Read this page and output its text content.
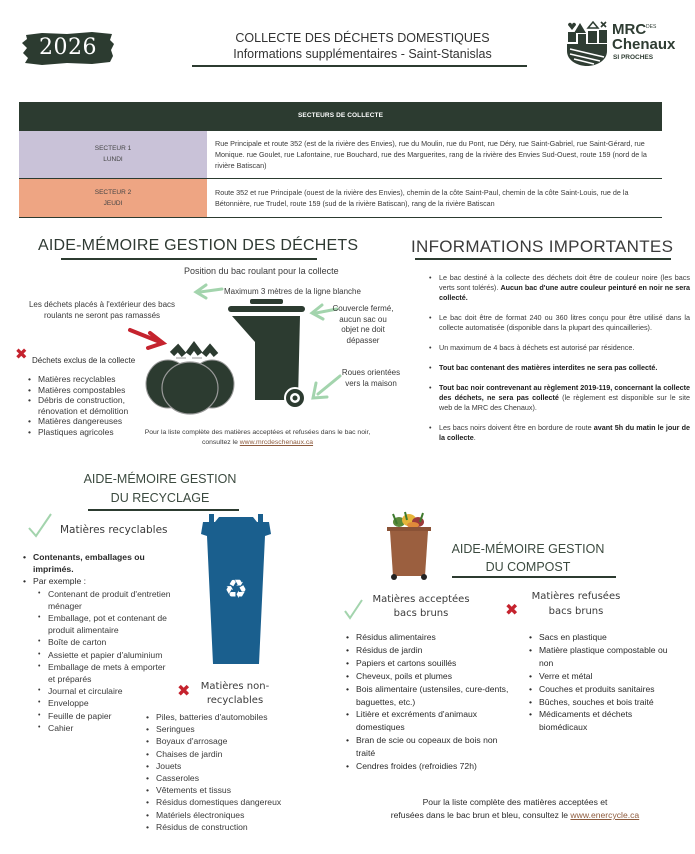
2026	COLLECTE DES DÉCHETS DOMESTIQUES
Informations supplémentaires - Saint-Stanislas
MRC DES
Chenaux
SI PROCHES
SECTEURS DE COLLECTE	

SECTEUR 1
LUNDI	Rue Principale et route 352 (est de la rivière des Envies), rue du Moulin, rue du Pont, rue Déry, rue Saint-Gabriel, rue Saint-Gérard, rue Monique. rue Goulet, rue Lafontaine, rue Bouchard, rue des Marguerites, rang de la rivière des Envies Sud-Ouest, route 159 (nord de la rivière Batiscan)

SECTEUR 2
JEUDI	Route 352 et rue Principale (ouest de la rivière des Envies), chemin de la côte Saint-Paul, chemin de la côte Saint-Louis, rue de la Bétonnière, rue Trudel, route 159 (sud de la rivière Batiscan), rang de la rivière Batiscan
AIDE-MÉMOIRE GESTION DES DÉCHETS	INFORMATIONS IMPORTANTES
Position du bac roulant pour la collecte
Maximum 3 mètres de la ligne blanche
Les déchets placés à l'extérieur des bacs roulants ne seront pas ramassés
Couvercle fermé, aucun sac ou objet ne doit dépasser
Roues orientées vers la maison
✖ Déchets exclus de la collecte
• Matières recyclables
• Matières compostables
• Débris de construction, rénovation et démolition
• Matières dangereuses
• Plastiques agricoles	Pour la liste complète des matières acceptées et refusées dans le bac noir, consultez le www.mrcdeschenaux.ca
• Le bac destiné à la collecte des déchets doit être de couleur noire (les bacs verts sont tolérés). Aucun bac d'une autre couleur peinturé en noir ne sera collecté.
• Le bac doit être de format 240 ou 360 litres conçu pour être utilisé dans la collecte automatisée (disponible dans la plupart des quincailleries).
• Un maximum de 4 bacs à déchets est autorisé par résidence.
• Tout bac contenant des matières interdites ne sera pas collecté.
• Tout bac noir contrevenant au règlement 2019-119, concernant la collecte des déchets, ne sera pas collecté (le règlement est disponible sur le site web de la MRC des Chenaux).
• Les bacs noirs doivent être en bordure de route avant 5h du matin le jour de la collecte.
AIDE-MÉMOIRE GESTION
DU RECYCLAGE
Matières recyclables
• Contenants, emballages ou imprimés.
• Par exemple :
• Contenant de produit d'entretien ménager
• Emballage, pot et contenant de produit alimentaire
• Boîte de carton
• Assiette et papier d'aluminium
• Emballage de mets à emporter et préparés
• Journal et circulaire
• Enveloppe
• Feuille de papier
• Cahier
♻
✖	Matières non-recyclables
• Piles, batteries d'automobiles
• Seringues
• Boyaux d'arrosage
• Chaises de jardin
• Jouets
• Casseroles
• Vêtements et tissus
• Résidus domestiques dangereux
• Matériels électroniques
• Résidus de construction
AIDE-MÉMOIRE GESTION
DU COMPOST
Matières acceptées bacs bruns	✖
Matières refusées bacs bruns
• Résidus alimentaires
• Résidus de jardin
• Papiers et cartons souillés
• Cheveux, poils et plumes
• Bois alimentaire (ustensiles, cure-dents, baguettes, etc.)
• Litière et excréments d'animaux domestiques
• Bran de scie ou copeaux de bois non traité
• Cendres froides (refroidies 72h)
• Sacs en plastique
• Matière plastique compostable ou non
• Verre et métal
• Couches et produits sanitaires
• Bûches, souches et bois traité
• Médicaments et déchets biomédicaux
Pour la liste complète des matières acceptées et
refusées dans le bac brun et bleu, consultez le www.enercycle.ca
